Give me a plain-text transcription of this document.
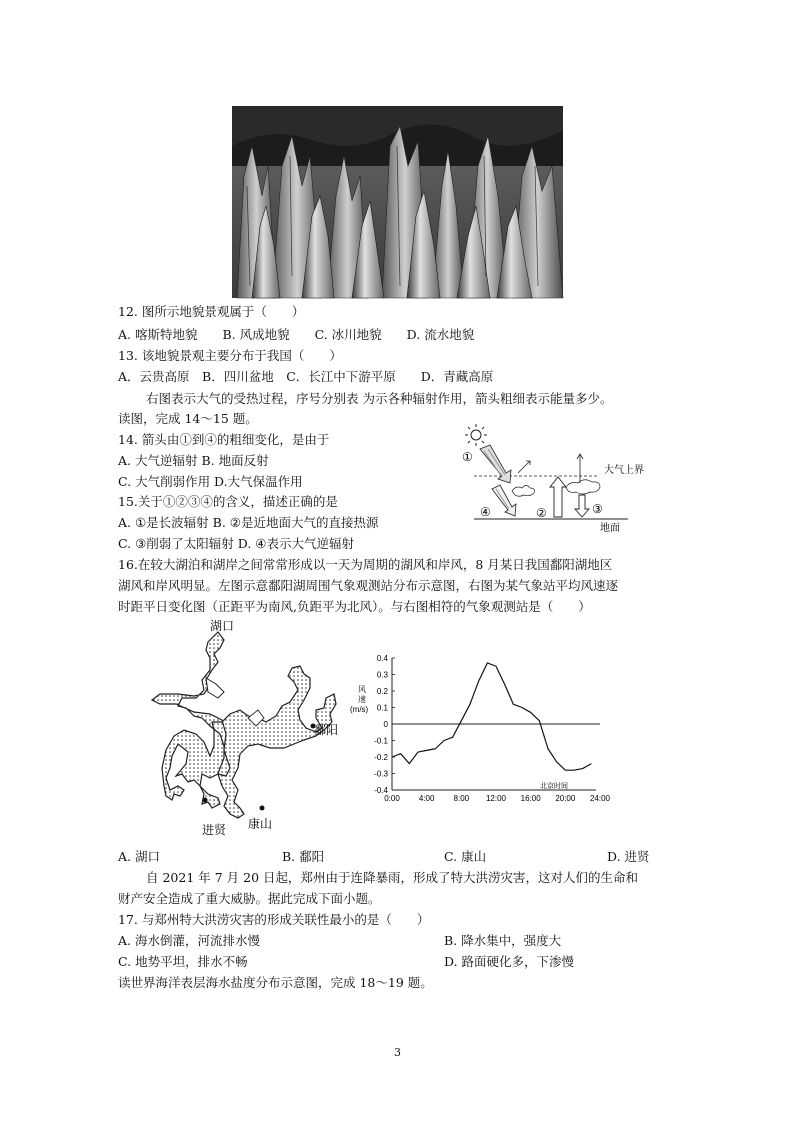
12. 图所示地貌景观属于（　　）
A. 喀斯特地貌　　B. 风成地貌　　C. 冰川地貌　　D. 流水地貌
13. 该地貌景观主要分布于我国（　　）
A．云贵高原　B．四川盆地　C．长江中下游平原　　D．青藏高原
右图表示大气的受热过程，序号分别表 为示各种辐射作用，箭头粗细表示能量多少。
读图，完成 14～15 题。
14. 箭头由①到④的粗细变化，是由于
A. 大气逆辐射 B. 地面反射
C. 大气削弱作用 D.大气保温作用
15.关于①②③④的含义，描述正确的是
A. ①是长波辐射 B. ②是近地面大气的直接热源
C. ③削弱了太阳辐射 D. ④表示大气逆辐射
大气上界
地面
①
④	②	③
16.在较大湖泊和湖岸之间常常形成以一天为周期的湖风和岸风，8 月某日我国鄱阳湖地区
湖风和岸风明显。左图示意鄱阳湖周围气象观测站分布示意图，右图为某气象站平均风速逐
时距平日变化图（正距平为南风,负距平为北风）。与右图相符的气象观测站是（　　）
湖口
鄱阳
进贤 康山
0.4
0.3
0.2
0.1
0
-0.1
-0.2
-0.3
-0.4
0:00 4:00 8:00 12:00 16:00 20:00 24:00
风
速
(m/s)
北京时间
A. 湖口	B. 鄱阳	C. 康山	D. 进贤
自 2021 年 7 月 20 日起，郑州由于连降暴雨，形成了特大洪涝灾害，这对人们的生命和
财产安全造成了重大威胁。据此完成下面小题。
17. 与郑州特大洪涝灾害的形成关联性最小的是（　　）
A. 海水倒灌，河流排水慢	B. 降水集中，强度大
C. 地势平坦，排水不畅	D. 路面硬化多，下渗慢
读世界海洋表层海水盐度分布示意图，完成 18～19 题。
3
